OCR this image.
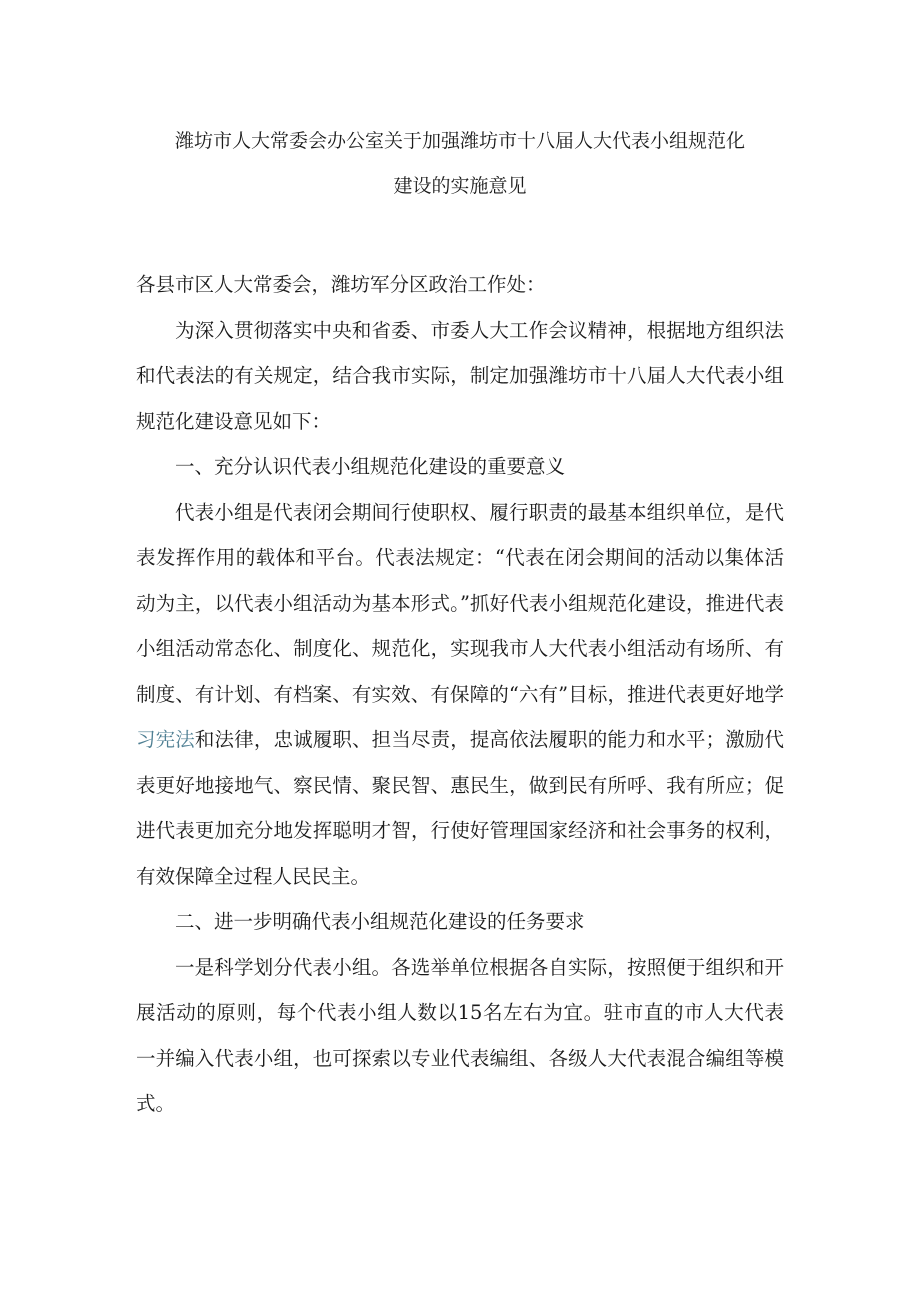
潍坊市人大常委会办公室关于加强潍坊市十八届人大代表小组规范化
建设的实施意见

各县市区人大常委会，潍坊军分区政治工作处：

为深入贯彻落实中央和省委、市委人大工作会议精神，根据地方组织法和代表法的有关规定，结合我市实际，制定加强潍坊市十八届人大代表小组规范化建设意见如下：

一、充分认识代表小组规范化建设的重要意义

代表小组是代表闭会期间行使职权、履行职责的最基本组织单位，是代表发挥作用的载体和平台。代表法规定：“代表在闭会期间的活动以集体活动为主，以代表小组活动为基本形式。”抓好代表小组规范化建设，推进代表小组活动常态化、制度化、规范化，实现我市人大代表小组活动有场所、有制度、有计划、有档案、有实效、有保障的“六有”目标，推进代表更好地学习宪法和法律，忠诚履职、担当尽责，提高依法履职的能力和水平；激励代表更好地接地气、察民情、聚民智、惠民生，做到民有所呼、我有所应；促进代表更加充分地发挥聪明才智，行使好管理国家经济和社会事务的权利，有效保障全过程人民民主。

二、进一步明确代表小组规范化建设的任务要求

一是科学划分代表小组。各选举单位根据各自实际，按照便于组织和开展活动的原则，每个代表小组人数以15名左右为宜。驻市直的市人大代表一并编入代表小组，也可探索以专业代表编组、各级人大代表混合编组等模式。
